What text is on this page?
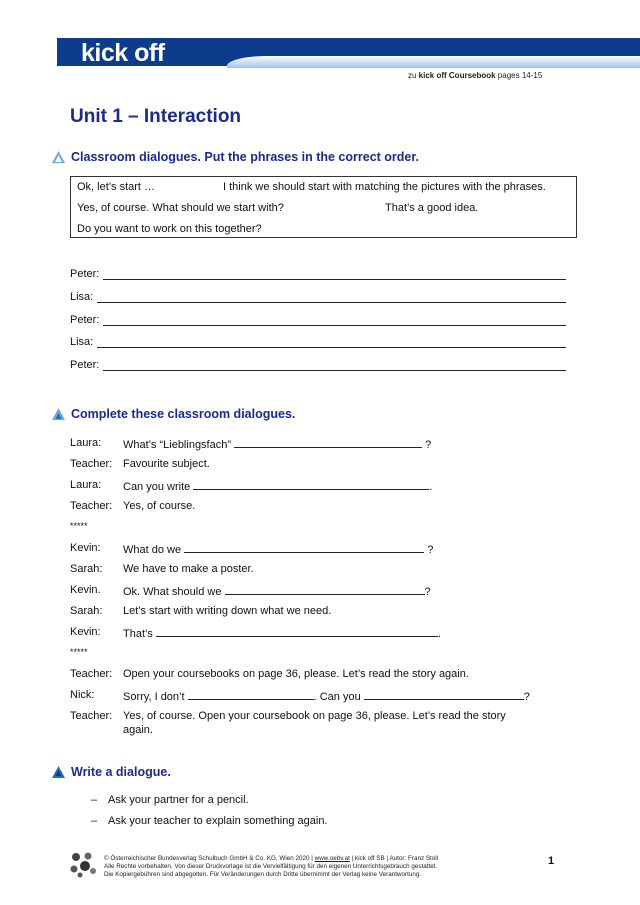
kick off
zu kick off Coursebook pages 14-15
Unit 1 – Interaction
Classroom dialogues. Put the phrases in the correct order.
Ok, let’s start …	I think we should start with matching the pictures with the phrases.
Yes, of course. What should we start with?	That’s a good idea.
Do you want to work on this together?
Peter:
Lisa:
Peter:
Lisa:
Peter:
Complete these classroom dialogues.
Laura: What’s “Lieblingsfach”	?
Teacher: Favourite subject.
Laura: Can you write	.
Teacher: Yes, of course.
*****
Kevin: What do we	?
Sarah: We have to make a poster.
Kevin. Ok. What should we	?
Sarah: Let’s start with writing down what we need.
Kevin: That’s	.
*****
Teacher: Open your coursebooks on page 36, please. Let’s read the story again.
Nick:	Sorry, I don’t	. Can you	?
Teacher: Yes, of course. Open your coursebook on page 36, please. Let’s read the story
again.
Write a dialogue.
– Ask your partner for a pencil.
– Ask your teacher to explain something again.
© Österreichischer Bundesverlag Schulbuch GmbH & Co. KG, Wien 2020 | www.oebv.at | kick off SB | Autor: Franz Stoll
Alle Rechte vorbehalten. Von dieser Druckvorlage ist die Vervielfältigung für den eigenen Unterrichtsgebrauch gestattet.
Die Kopiergebühren sind abgegolten. Für Veränderungen durch Dritte übernimmt der Verlag keine Verantwortung.
1
